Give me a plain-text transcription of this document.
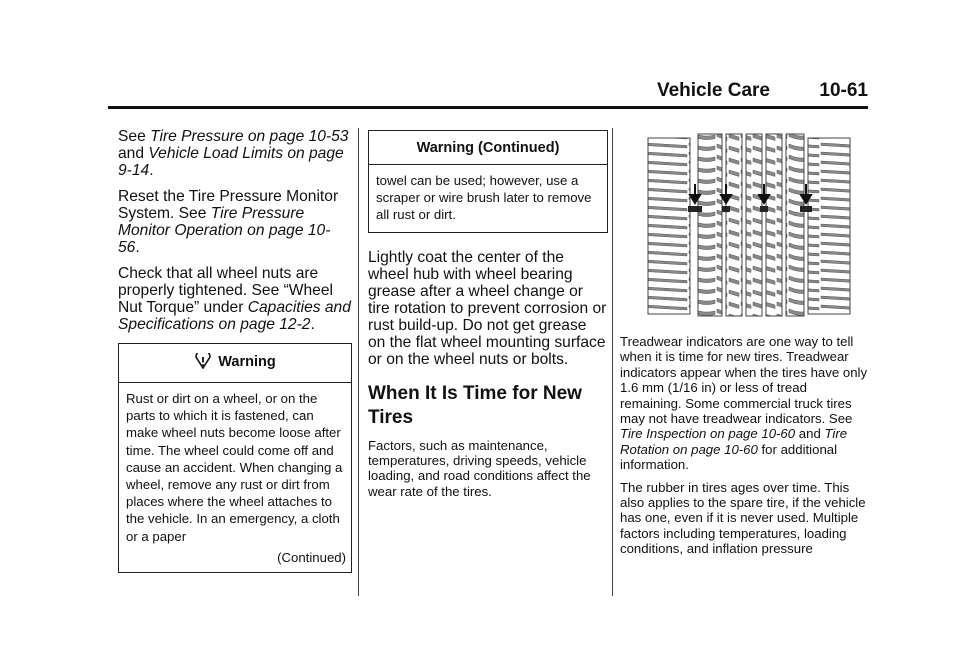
Vehicle Care	10-61

See Tire Pressure on page 10-53 and Vehicle Load Limits on page 9-14.

Reset the Tire Pressure Monitor System. See Tire Pressure Monitor Operation on page 10-56.

Check that all wheel nuts are properly tightened. See “Wheel Nut Torque” under Capacities and Specifications on page 12-2.

Warning
Rust or dirt on a wheel, or on the parts to which it is fastened, can make wheel nuts become loose after time. The wheel could come off and cause an accident. When changing a wheel, remove any rust or dirt from places where the wheel attaches to the vehicle. In an emergency, a cloth or a paper
(Continued)
Warning (Continued)
towel can be used; however, use a scraper or wire brush later to remove all rust or dirt.

Lightly coat the center of the wheel hub with wheel bearing grease after a wheel change or tire rotation to prevent corrosion or rust build-up. Do not get grease on the flat wheel mounting surface or on the wheel nuts or bolts.

When It Is Time for New Tires

Factors, such as maintenance, temperatures, driving speeds, vehicle loading, and road conditions affect the wear rate of the tires.

Treadwear indicators are one way to tell when it is time for new tires. Treadwear indicators appear when the tires have only 1.6 mm (1/16 in) or less of tread remaining. Some commercial truck tires may not have treadwear indicators. See Tire Inspection on page 10-60 and Tire Rotation on page 10-60 for additional information.

The rubber in tires ages over time. This also applies to the spare tire, if the vehicle has one, even if it is never used. Multiple factors including temperatures, loading conditions, and inflation pressure
